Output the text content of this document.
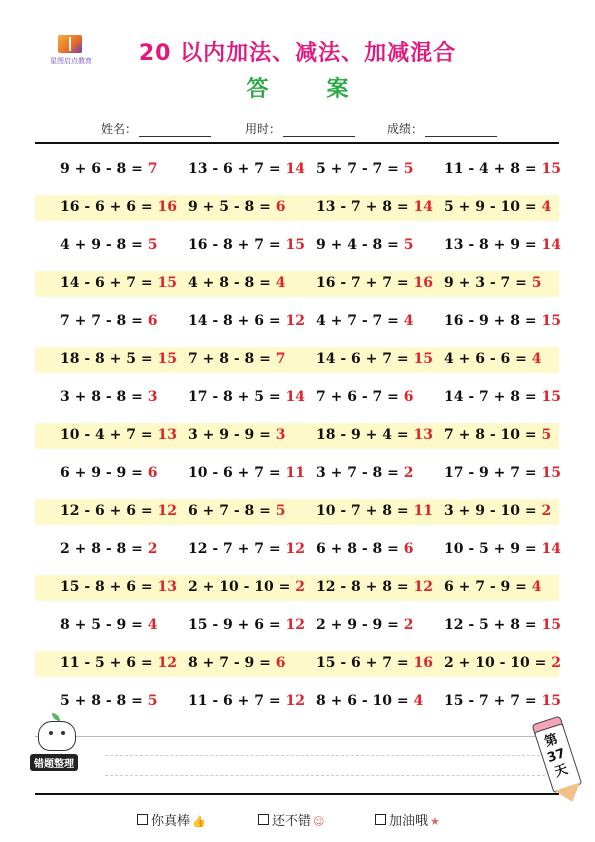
星图启点教育	20 以内加法、减法、加减混合
答　案
姓名：	用时：	成绩：
9 + 6 - 8 = 7 13 - 6 + 7 = 14 5 + 7 - 7 = 5 11 - 4 + 8 = 15
16 - 6 + 6 = 16 9 + 5 - 8 = 6 13 - 7 + 8 = 14 5 + 9 - 10 = 4
4 + 9 - 8 = 5 16 - 8 + 7 = 15 9 + 4 - 8 = 5 13 - 8 + 9 = 14
14 - 6 + 7 = 15 4 + 8 - 8 = 4 16 - 7 + 7 = 16 9 + 3 - 7 = 5
7 + 7 - 8 = 6 14 - 8 + 6 = 12 4 + 7 - 7 = 4 16 - 9 + 8 = 15
18 - 8 + 5 = 15 7 + 8 - 8 = 7 14 - 6 + 7 = 15 4 + 6 - 6 = 4
3 + 8 - 8 = 3 17 - 8 + 5 = 14 7 + 6 - 7 = 6 14 - 7 + 8 = 15
10 - 4 + 7 = 13 3 + 9 - 9 = 3 18 - 9 + 4 = 13 7 + 8 - 10 = 5
6 + 9 - 9 = 6 10 - 6 + 7 = 11 3 + 7 - 8 = 2 17 - 9 + 7 = 15
12 - 6 + 6 = 12 6 + 7 - 8 = 5 10 - 7 + 8 = 11 3 + 9 - 10 = 2
2 + 8 - 8 = 2 12 - 7 + 7 = 12 6 + 8 - 8 = 6 10 - 5 + 9 = 14
15 - 8 + 6 = 13 2 + 10 - 10 = 2 12 - 8 + 8 = 12 6 + 7 - 9 = 4
8 + 5 - 9 = 4 15 - 9 + 6 = 12 2 + 9 - 9 = 2 12 - 5 + 8 = 15
11 - 5 + 6 = 12 8 + 7 - 9 = 6 15 - 6 + 7 = 16 2 + 10 - 10 = 2
5 + 8 - 8 = 5 11 - 6 + 7 = 12 8 + 6 - 10 = 4 15 - 7 + 7 = 15
错题整理
第37天
你真棒 👍	还不错 ☺	加油哦 ★
